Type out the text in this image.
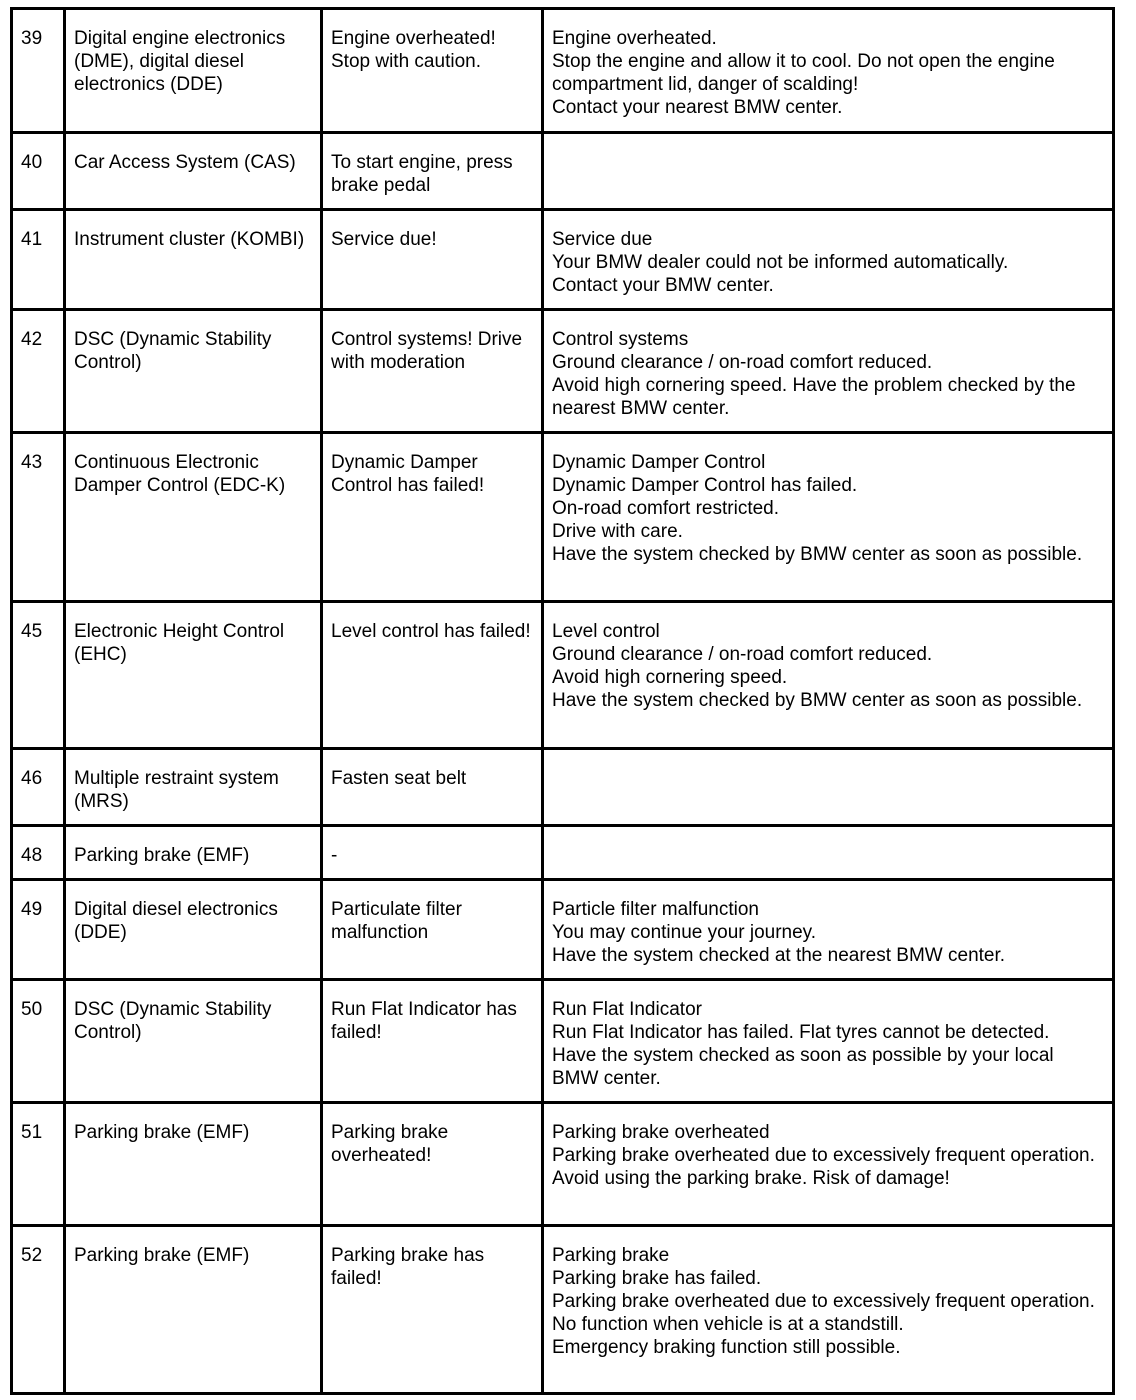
39	Digital engine electronics (DME), digital diesel electronics (DDE)	Engine overheated! Stop with caution.	Engine overheated.
Stop the engine and allow it to cool. Do not open the engine compartment lid, danger of scalding!
Contact your nearest BMW center.

40	Car Access System (CAS)	To start engine, press brake pedal	
41	Instrument cluster (KOMBI)	Service due!	Service due
Your BMW dealer could not be informed automatically.
Contact your BMW center.

42	DSC (Dynamic Stability Control)	Control systems! Drive with moderation	Control systems
Ground clearance / on-road comfort reduced.
Avoid high cornering speed. Have the problem checked by the nearest BMW center.

43	Continuous Electronic Damper Control (EDC-K)	Dynamic Damper Control has failed!	Dynamic Damper Control
Dynamic Damper Control has failed.
On-road comfort restricted.
Drive with care.
Have the system checked by BMW center as soon as possible.

45	Electronic Height Control (EHC)	Level control has failed!	Level control
Ground clearance / on-road comfort reduced.
Avoid high cornering speed.
Have the system checked by BMW center as soon as possible.

46	Multiple restraint system (MRS)	Fasten seat belt	
48	Parking brake (EMF)	-	
49	Digital diesel electronics (DDE)	Particulate filter malfunction	Particle filter malfunction
You may continue your journey.
Have the system checked at the nearest BMW center.

50	DSC (Dynamic Stability Control)	Run Flat Indicator has failed!	Run Flat Indicator
Run Flat Indicator has failed. Flat tyres cannot be detected.
Have the system checked as soon as possible by your local BMW center.

51	Parking brake (EMF)	Parking brake overheated!	Parking brake overheated
Parking brake overheated due to excessively frequent operation.
Avoid using the parking brake. Risk of damage!

52	Parking brake (EMF)	Parking brake has failed!	Parking brake
Parking brake has failed.
Parking brake overheated due to excessively frequent operation.
No function when vehicle is at a standstill.
Emergency braking function still possible.
